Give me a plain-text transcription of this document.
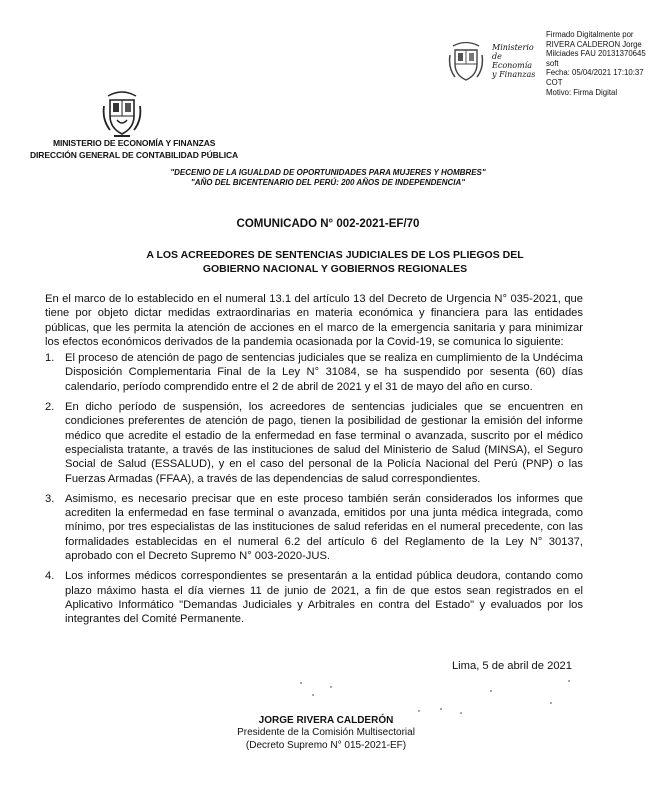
MINISTERIO DE ECONOMÍA Y FINANZAS
DIRECCIÓN GENERAL DE CONTABILIDAD PÚBLICA
Ministerio de
Economía
y Finanzas
Firmado Digitalmente por
RIVERA CALDERON Jorge
Milciades FAU 20131370645
soft
Fecha: 05/04/2021 17:10:37
COT
Motivo: Firma Digital
"DECENIO DE LA IGUALDAD DE OPORTUNIDADES PARA MUJERES Y HOMBRES"
"AÑO DEL BICENTENARIO DEL PERÚ: 200 AÑOS DE INDEPENDENCIA"
COMUNICADO N° 002-2021-EF/70
A LOS ACREEDORES DE SENTENCIAS JUDICIALES DE LOS PLIEGOS DEL
GOBIERNO NACIONAL Y GOBIERNOS REGIONALES

En el marco de lo establecido en el numeral 13.1 del artículo 13 del Decreto de Urgencia N° 035-2021, que tiene por objeto dictar medidas extraordinarias en materia económica y financiera para las entidades públicas, que les permita la atención de acciones en el marco de la emergencia sanitaria y para minimizar los efectos económicos derivados de la pandemia ocasionada por la Covid-19, se comunica lo siguiente:

1. El proceso de atención de pago de sentencias judiciales que se realiza en cumplimiento de la Undécima Disposición Complementaria Final de la Ley N° 31084, se ha suspendido por sesenta (60) días calendario, período comprendido entre el 2 de abril de 2021 y el 31 de mayo del año en curso.
2. En dicho período de suspensión, los acreedores de sentencias judiciales que se encuentren en condiciones preferentes de atención de pago, tienen la posibilidad de gestionar la emisión del informe médico que acredite el estadio de la enfermedad en fase terminal o avanzada, suscrito por el médico especialista tratante, a través de las instituciones de salud del Ministerio de Salud (MINSA), el Seguro Social de Salud (ESSALUD), y en el caso del personal de la Policía Nacional del Perú (PNP) o las Fuerzas Armadas (FFAA), a través de las dependencias de salud correspondientes.
3. Asimismo, es necesario precisar que en este proceso también serán considerados los informes que acrediten la enfermedad en fase terminal o avanzada, emitidos por una junta médica integrada, como mínimo, por tres especialistas de las instituciones de salud referidas en el numeral precedente, con las formalidades establecidas en el numeral 6.2 del artículo 6 del Reglamento de la Ley N° 30137, aprobado con el Decreto Supremo N° 003-2020-JUS.
4. Los informes médicos correspondientes se presentarán a la entidad pública deudora, contando como plazo máximo hasta el día viernes 11 de junio de 2021, a fin de que estos sean registrados en el Aplicativo Informático "Demandas Judiciales y Arbitrales en contra del Estado" y evaluados por los integrantes del Comité Permanente.
Lima, 5 de abril de 2021
JORGE RIVERA CALDERÓN
Presidente de la Comisión Multisectorial
(Decreto Supremo N° 015-2021-EF)
